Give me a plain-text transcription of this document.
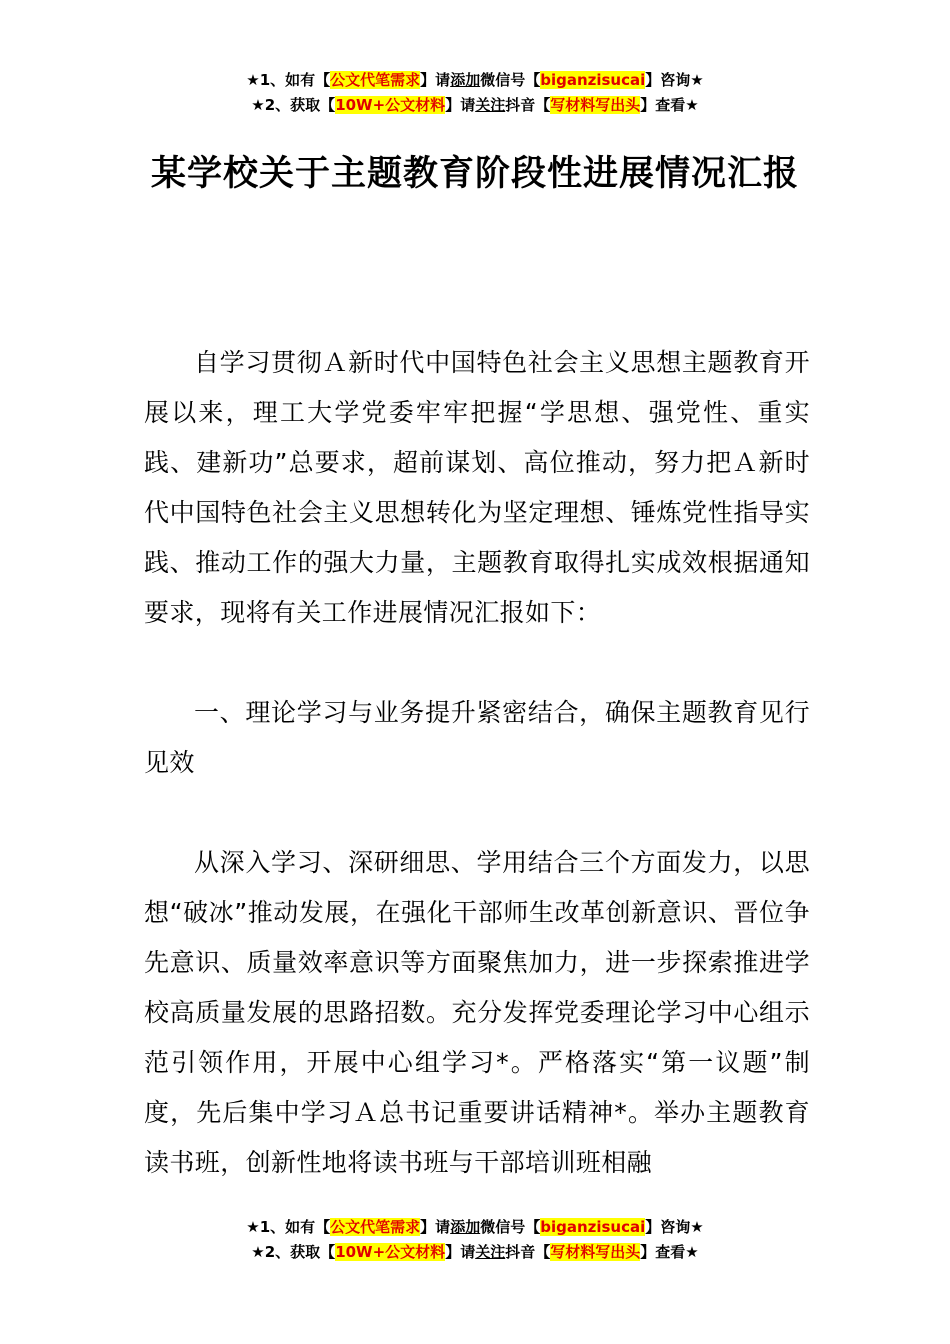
★1、如有【公文代笔需求】请添加微信号【biganzisucai】咨询★
★2、获取【10W+公文材料】请关注抖音【写材料写出头】查看★
某学校关于主题教育阶段性进展情况汇报

自学习贯彻Ａ新时代中国特色社会主义思想主题教育开展以来，理工大学党委牢牢把握“学思想、强党性、重实践、建新功”总要求，超前谋划、高位推动，努力把Ａ新时代中国特色社会主义思想转化为坚定理想、锤炼党性指导实践、推动工作的强大力量，主题教育取得扎实成效根据通知要求，现将有关工作进展情况汇报如下：

一、理论学习与业务提升紧密结合，确保主题教育见行见效

从深入学习、深研细思、学用结合三个方面发力，以思想“破冰”推动发展，在强化干部师生改革创新意识、晋位争先意识、质量效率意识等方面聚焦加力，进一步探索推进学校高质量发展的思路招数。充分发挥党委理论学习中心组示范引领作用，开展中心组学习*。严格落实“第一议题”制度，先后集中学习Ａ总书记重要讲话精神*。举办主题教育读书班，创新性地将读书班与干部培训班相融

★1、如有【公文代笔需求】请添加微信号【biganzisucai】咨询★
★2、获取【10W+公文材料】请关注抖音【写材料写出头】查看★
